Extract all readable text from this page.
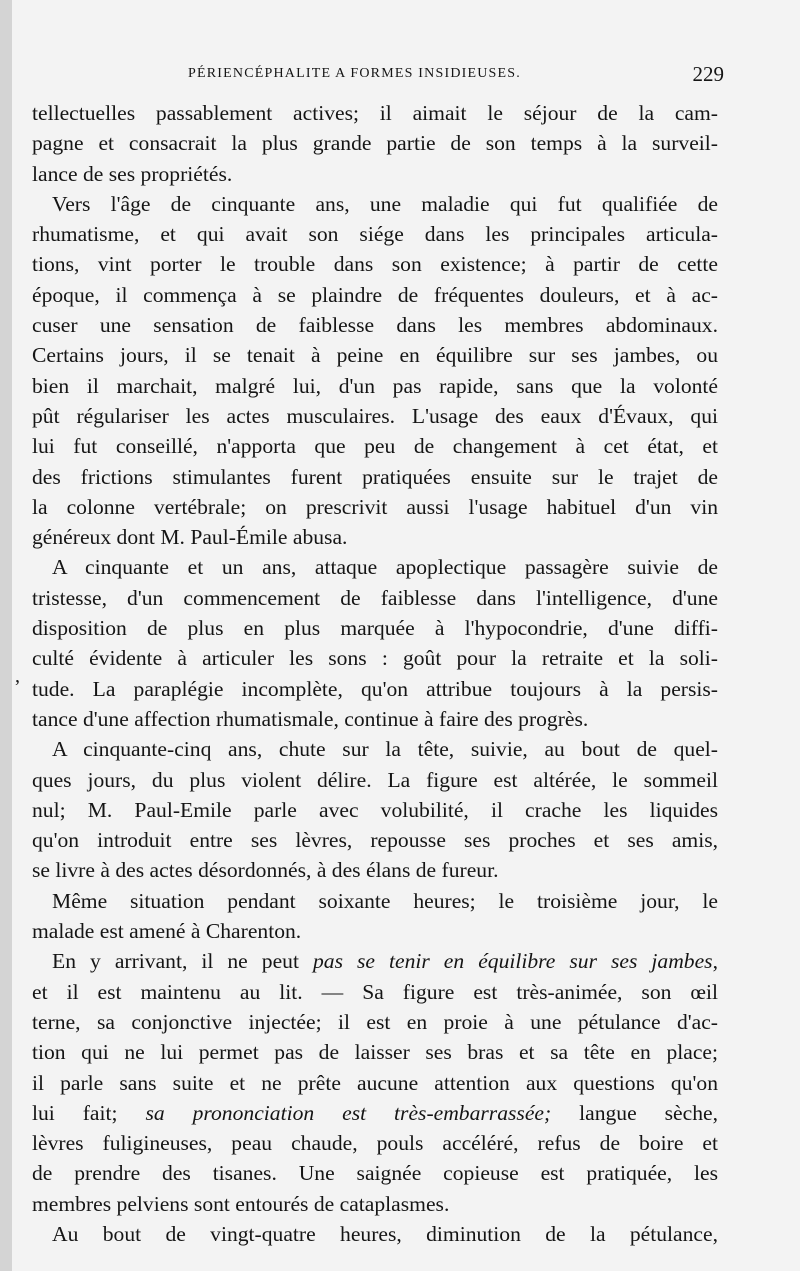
PÉRIENCÉPHALITE A FORMES INSIDIEUSES.	229
,
tellectuelles passablement actives; il aimait le séjour de la cam-
pagne et consacrait la plus grande partie de son temps à la surveil-
lance de ses propriétés.
Vers l'âge de cinquante ans, une maladie qui fut qualifiée de
rhumatisme, et qui avait son siége dans les principales articula-
tions, vint porter le trouble dans son existence; à partir de cette
époque, il commença à se plaindre de fréquentes douleurs, et à ac-
cuser une sensation de faiblesse dans les membres abdominaux.
Certains jours, il se tenait à peine en équilibre sur ses jambes, ou
bien il marchait, malgré lui, d'un pas rapide, sans que la volonté
pût régulariser les actes musculaires. L'usage des eaux d'Évaux, qui
lui fut conseillé, n'apporta que peu de changement à cet état, et
des frictions stimulantes furent pratiquées ensuite sur le trajet de
la colonne vertébrale; on prescrivit aussi l'usage habituel d'un vin
généreux dont M. Paul-Émile abusa.
A cinquante et un ans, attaque apoplectique passagère suivie de
tristesse, d'un commencement de faiblesse dans l'intelligence, d'une
disposition de plus en plus marquée à l'hypocondrie, d'une diffi-
culté évidente à articuler les sons : goût pour la retraite et la soli-
tude. La paraplégie incomplète, qu'on attribue toujours à la persis-
tance d'une affection rhumatismale, continue à faire des progrès.
A cinquante-cinq ans, chute sur la tête, suivie, au bout de quel-
ques jours, du plus violent délire. La figure est altérée, le sommeil
nul; M. Paul-Emile parle avec volubilité, il crache les liquides
qu'on introduit entre ses lèvres, repousse ses proches et ses amis,
se livre à des actes désordonnés, à des élans de fureur.
Même situation pendant soixante heures; le troisième jour, le
malade est amené à Charenton.
En y arrivant, il ne peut pas se tenir en équilibre sur ses jambes,
et il est maintenu au lit. — Sa figure est très-animée, son œil
terne, sa conjonctive injectée; il est en proie à une pétulance d'ac-
tion qui ne lui permet pas de laisser ses bras et sa tête en place;
il parle sans suite et ne prête aucune attention aux questions qu'on
lui fait; sa prononciation est très-embarrassée; langue sèche,
lèvres fuligineuses, peau chaude, pouls accéléré, refus de boire et
de prendre des tisanes. Une saignée copieuse est pratiquée, les
membres pelviens sont entourés de cataplasmes.
Au bout de vingt-quatre heures, diminution de la pétulance,
